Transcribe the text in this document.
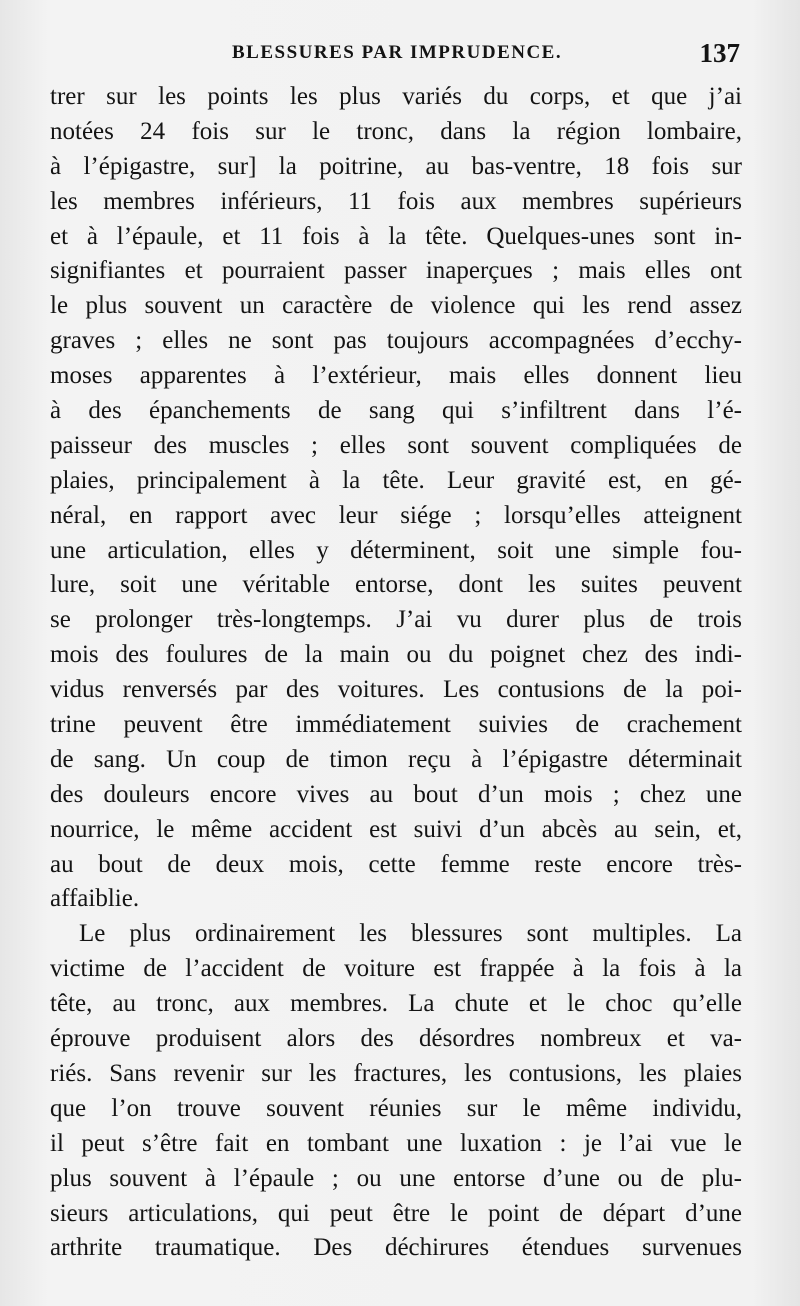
BLESSURES PAR IMPRUDENCE.	137
trer sur les points les plus variés du corps, et que j’ai
notées 24 fois sur le tronc, dans la région lombaire,
à l’épigastre, sur] la poitrine, au bas-ventre, 18 fois sur
les membres inférieurs, 11 fois aux membres supérieurs
et à l’épaule, et 11 fois à la tête. Quelques-unes sont in-
signifiantes et pourraient passer inaperçues ; mais elles ont
le plus souvent un caractère de violence qui les rend assez
graves ; elles ne sont pas toujours accompagnées d’ecchy-
moses apparentes à l’extérieur, mais elles donnent lieu
à des épanchements de sang qui s’infiltrent dans l’é-
paisseur des muscles ; elles sont souvent compliquées de
plaies, principalement à la tête. Leur gravité est, en gé-
néral, en rapport avec leur siége ; lorsqu’elles atteignent
une articulation, elles y déterminent, soit une simple fou-
lure, soit une véritable entorse, dont les suites peuvent
se prolonger très-longtemps. J’ai vu durer plus de trois
mois des foulures de la main ou du poignet chez des indi-
vidus renversés par des voitures. Les contusions de la poi-
trine peuvent être immédiatement suivies de crachement
de sang. Un coup de timon reçu à l’épigastre déterminait
des douleurs encore vives au bout d’un mois ; chez une
nourrice, le même accident est suivi d’un abcès au sein, et,
au bout de deux mois, cette femme reste encore très-
affaiblie.
Le plus ordinairement les blessures sont multiples. La
victime de l’accident de voiture est frappée à la fois à la
tête, au tronc, aux membres. La chute et le choc qu’elle
éprouve produisent alors des désordres nombreux et va-
riés. Sans revenir sur les fractures, les contusions, les plaies
que l’on trouve souvent réunies sur le même individu,
il peut s’être fait en tombant une luxation : je l’ai vue le
plus souvent à l’épaule ; ou une entorse d’une ou de plu-
sieurs articulations, qui peut être le point de départ d’une
arthrite traumatique. Des déchirures étendues survenues
